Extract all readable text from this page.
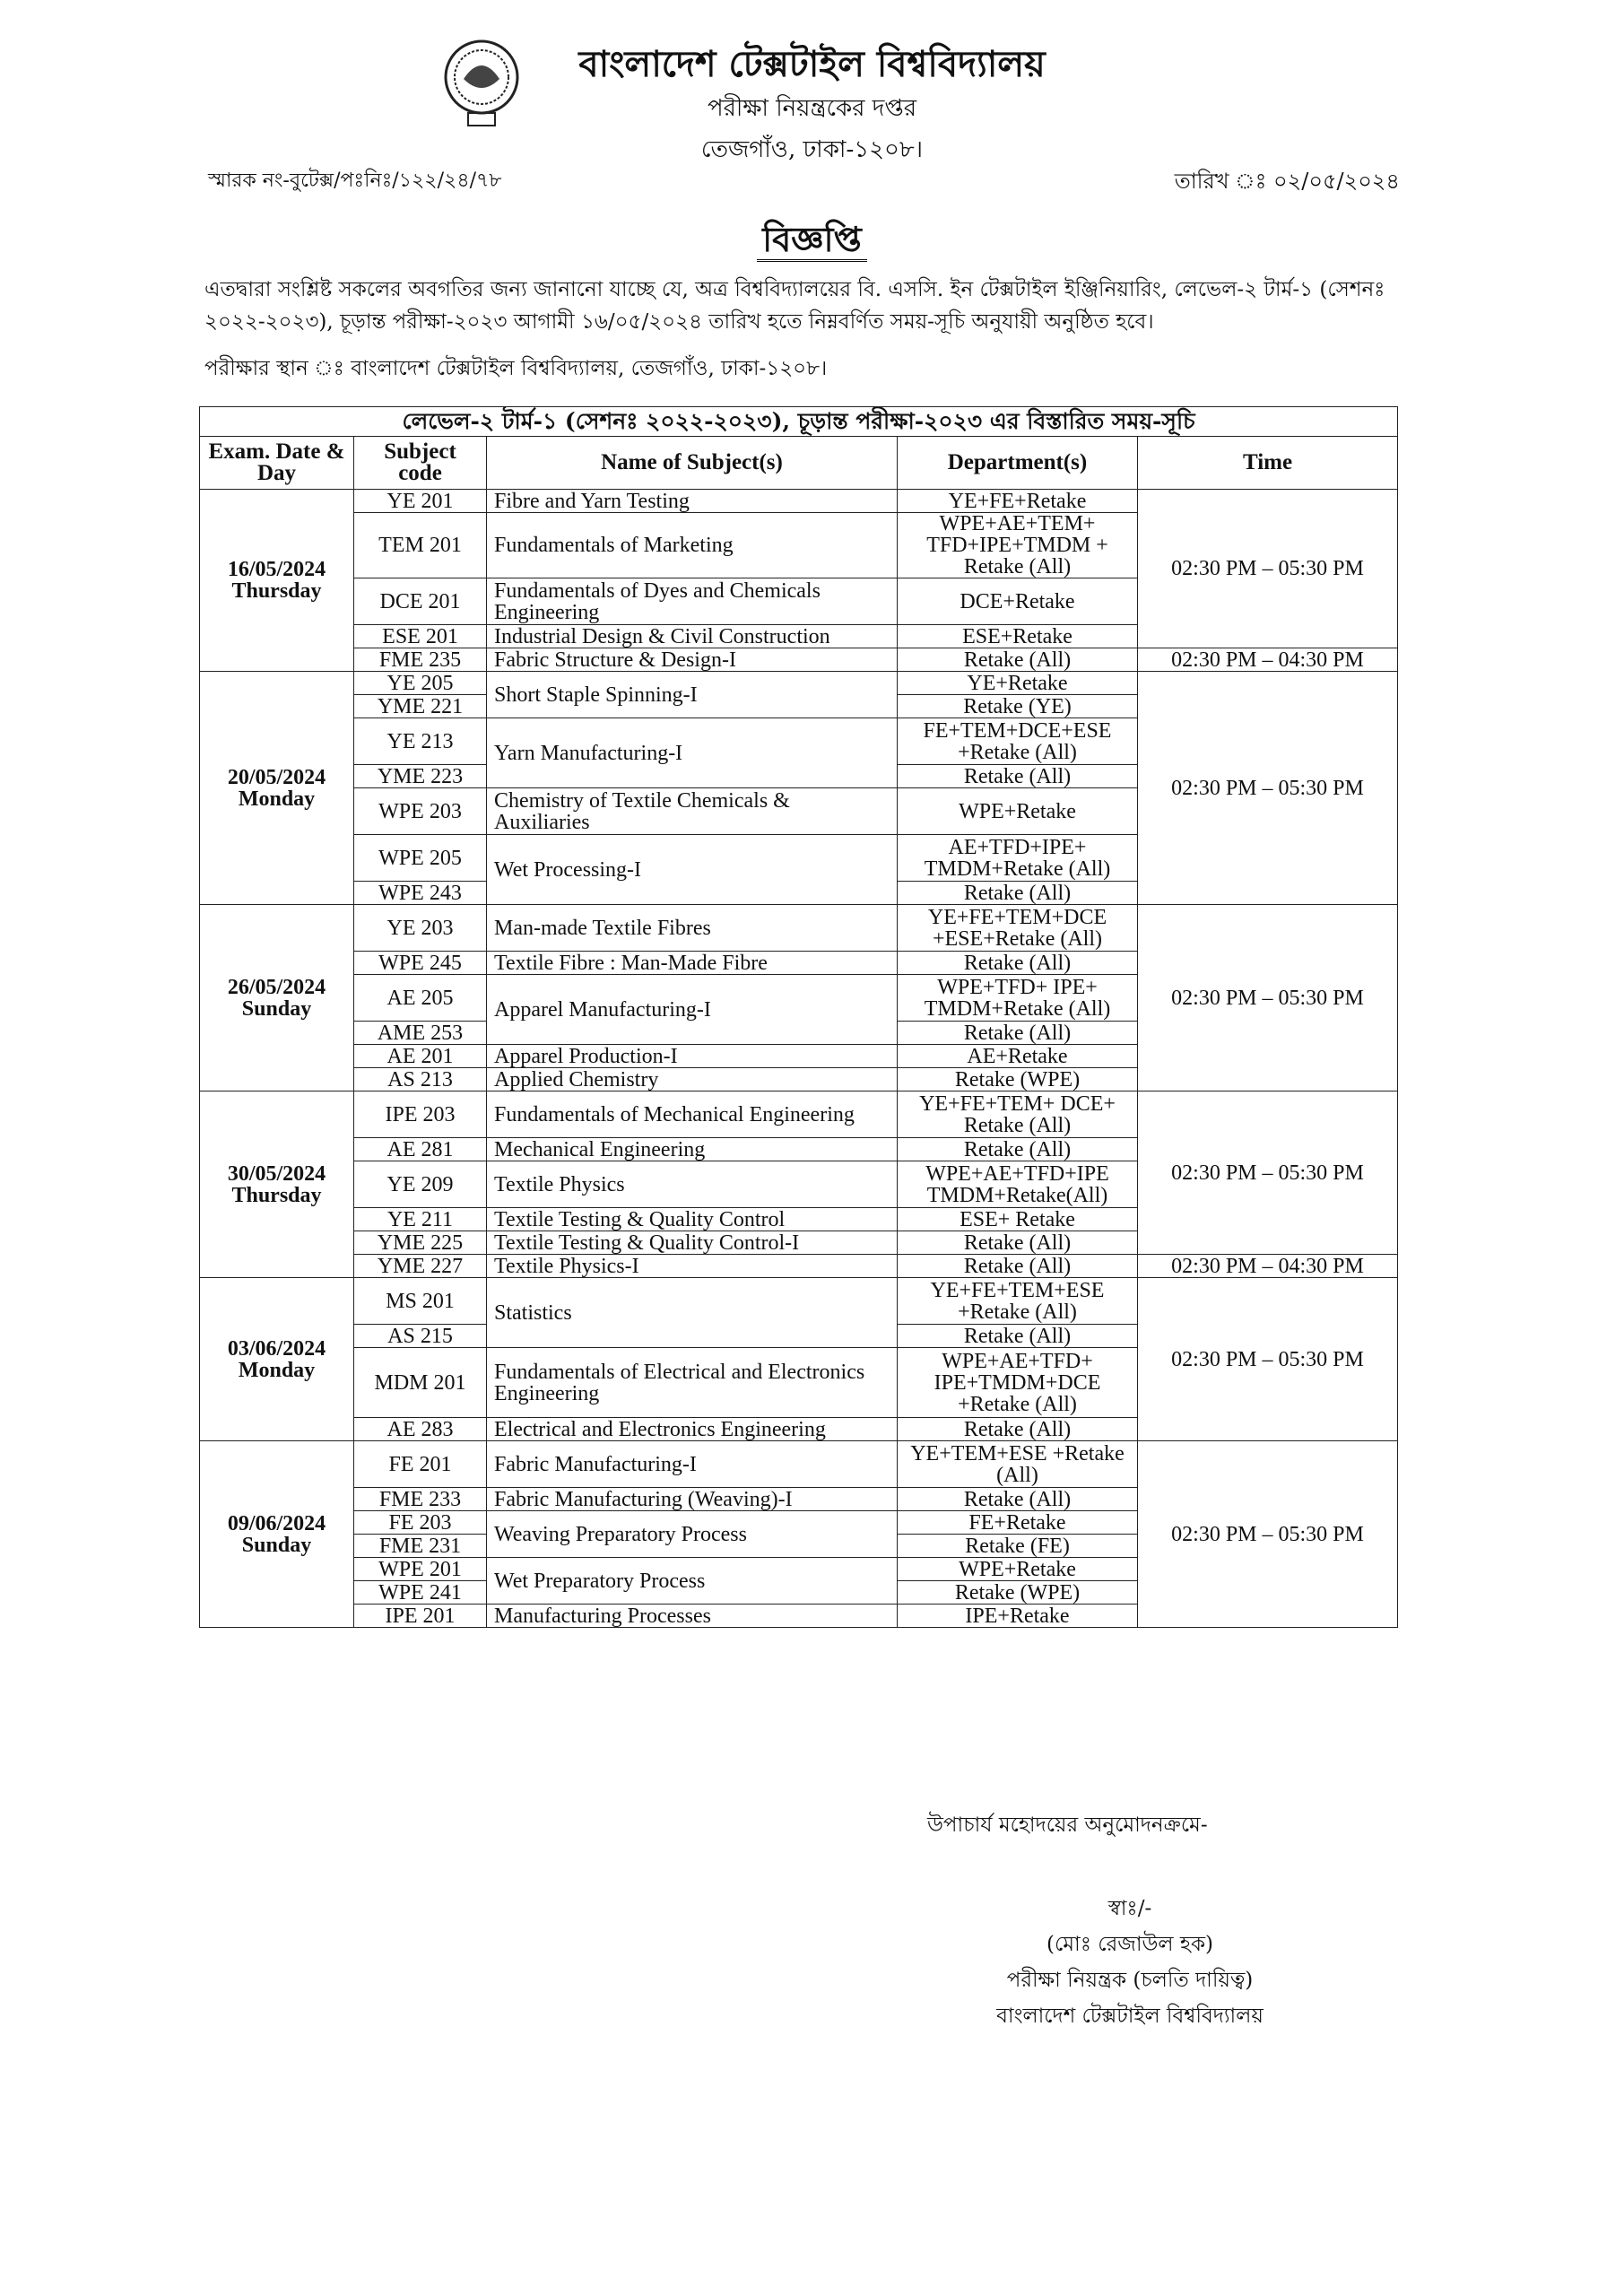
বাংলাদেশ টেক্সটাইল বিশ্ববিদ্যালয়
পরীক্ষা নিয়ন্ত্রকের দপ্তর
তেজগাঁও, ঢাকা-১২০৮।
স্মারক নং-বুটেক্স/পঃনিঃ/১২২/২৪/৭৮	তারিখ ঃ ০২/০৫/২০২৪
বিজ্ঞপ্তি
এতদ্বারা সংশ্লিষ্ট সকলের অবগতির জন্য জানানো যাচ্ছে যে, অত্র বিশ্ববিদ্যালয়ের বি. এসসি. ইন টেক্সটাইল ইঞ্জিনিয়ারিং, লেভেল-২ টার্ম-১ (সেশনঃ ২০২২-২০২৩), চূড়ান্ত পরীক্ষা-২০২৩ আগামী ১৬/০৫/২০২৪ তারিখ হতে নিম্নবর্ণিত সময়-সূচি অনুযায়ী অনুষ্ঠিত হবে।
পরীক্ষার স্থান ঃ বাংলাদেশ টেক্সটাইল বিশ্ববিদ্যালয়, তেজগাঁও, ঢাকা-১২০৮।
লেভেল-২ টার্ম-১ (সেশনঃ ২০২২-২০২৩), চূড়ান্ত পরীক্ষা-২০২৩ এর বিস্তারিত সময়-সূচি				
Exam. Date & Day	Subject code	Name of Subject(s)	Department(s)	Time

16/05/2024
Thursday	YE 201	Fibre and Yarn Testing	YE+FE+Retake	02:30 PM – 05:30 PM
	TEM 201	Fundamentals of Marketing	WPE+AE+TEM+ TFD+IPE+TMDM + Retake (All)	
	DCE 201	Fundamentals of Dyes and Chemicals Engineering	DCE+Retake	
	ESE 201	Industrial Design & Civil Construction	ESE+Retake	
	FME 235	Fabric Structure & Design-I	Retake (All)	02:30 PM – 04:30 PM

20/05/2024
Monday	YE 205	Short Staple Spinning-I	YE+Retake	02:30 PM – 05:30 PM
	YME 221		Retake (YE)	
	YE 213	Yarn Manufacturing-I	FE+TEM+DCE+ESE +Retake (All)	
	YME 223		Retake (All)	
	WPE 203	Chemistry of Textile Chemicals & Auxiliaries	WPE+Retake	
	WPE 205	Wet Processing-I	AE+TFD+IPE+ TMDM+Retake (All)	
	WPE 243		Retake (All)	

26/05/2024
Sunday	YE 203	Man-made Textile Fibres	YE+FE+TEM+DCE +ESE+Retake (All)	02:30 PM – 05:30 PM
	WPE 245	Textile Fibre : Man-Made Fibre	Retake (All)	
	AE 205	Apparel Manufacturing-I	WPE+TFD+ IPE+ TMDM+Retake (All)	
	AME 253		Retake (All)	
	AE 201	Apparel Production-I	AE+Retake	
	AS 213	Applied Chemistry	Retake (WPE)	

30/05/2024
Thursday	IPE 203	Fundamentals of Mechanical Engineering	YE+FE+TEM+ DCE+ Retake (All)	02:30 PM – 05:30 PM
	AE 281	Mechanical Engineering	Retake (All)	
	YE 209	Textile Physics	WPE+AE+TFD+IPE TMDM+Retake(All)	
	YE 211	Textile Testing & Quality Control	ESE+ Retake	
	YME 225	Textile Testing & Quality Control-I	Retake (All)	
	YME 227	Textile Physics-I	Retake (All)	02:30 PM – 04:30 PM

03/06/2024
Monday	MS 201	Statistics	YE+FE+TEM+ESE +Retake (All)	02:30 PM – 05:30 PM
	AS 215		Retake (All)	
	MDM 201	Fundamentals of Electrical and Electronics Engineering	WPE+AE+TFD+ IPE+TMDM+DCE +Retake (All)	
	AE 283	Electrical and Electronics Engineering	Retake (All)	

09/06/2024
Sunday	FE 201	Fabric Manufacturing-I	YE+TEM+ESE +Retake (All)	02:30 PM – 05:30 PM
	FME 233	Fabric Manufacturing (Weaving)-I	Retake (All)	
	FE 203	Weaving Preparatory Process	FE+Retake	
	FME 231		Retake (FE)	
	WPE 201	Wet Preparatory Process	WPE+Retake	
	WPE 241		Retake (WPE)	
	IPE 201	Manufacturing Processes	IPE+Retake	
উপাচার্য মহোদয়ের অনুমোদনক্রমে-
স্বাঃ/-
(মোঃ রেজাউল হক)
পরীক্ষা নিয়ন্ত্রক (চলতি দায়িত্ব)
বাংলাদেশ টেক্সটাইল বিশ্ববিদ্যালয়
